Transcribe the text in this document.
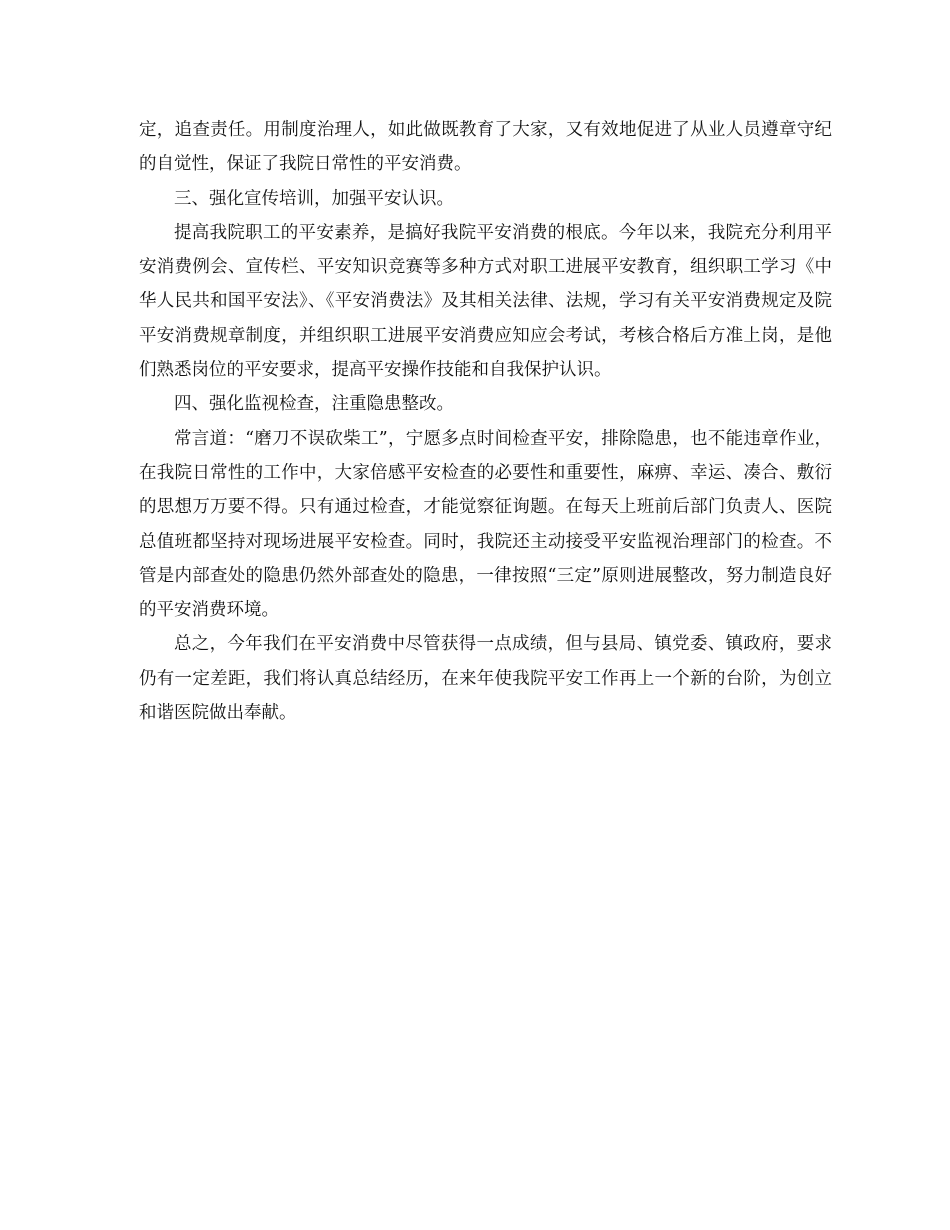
定，追查责任。用制度治理人，如此做既教育了大家，又有效地促进了从业人员遵章守纪的自觉性，保证了我院日常性的平安消费。

三、强化宣传培训，加强平安认识。

提高我院职工的平安素养，是搞好我院平安消费的根底。今年以来，我院充分利用平安消费例会、宣传栏、平安知识竞赛等多种方式对职工进展平安教育，组织职工学习《中华人民共和国平安法》、《平安消费法》及其相关法律、法规，学习有关平安消费规定及院平安消费规章制度，并组织职工进展平安消费应知应会考试，考核合格后方准上岗，是他们熟悉岗位的平安要求，提高平安操作技能和自我保护认识。

四、强化监视检查，注重隐患整改。

常言道：“磨刀不误砍柴工”，宁愿多点时间检查平安，排除隐患，也不能违章作业，在我院日常性的工作中，大家倍感平安检查的必要性和重要性，麻痹、幸运、凑合、敷衍的思想万万要不得。只有通过检查，才能觉察征询题。在每天上班前后部门负责人、医院总值班都坚持对现场进展平安检查。同时，我院还主动接受平安监视治理部门的检查。不管是内部查处的隐患仍然外部查处的隐患，一律按照“三定”原则进展整改，努力制造良好的平安消费环境。

总之，今年我们在平安消费中尽管获得一点成绩，但与县局、镇党委、镇政府，要求仍有一定差距，我们将认真总结经历，在来年使我院平安工作再上一个新的台阶，为创立和谐医院做出奉献。
